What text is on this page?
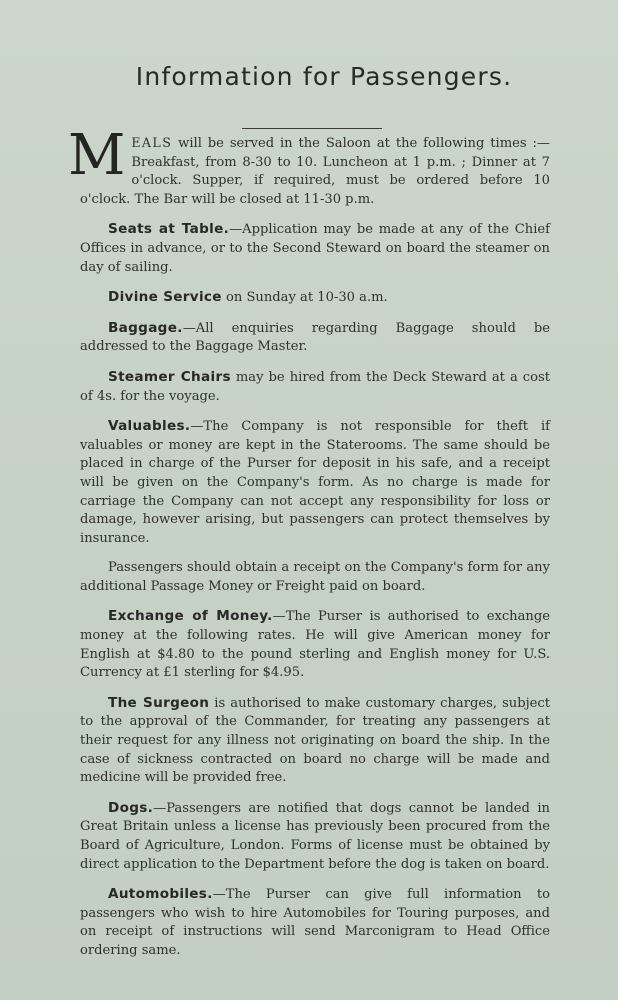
Information for Passengers.

MEALS will be served in the Saloon at the following times :— Breakfast, from 8-30 to 10. Luncheon at 1 p.m. ; Dinner at 7 o'clock. Supper, if required, must be ordered before 10 o'clock. The Bar will be closed at 11-30 p.m.

Seats at Table.—Application may be made at any of the Chief Offices in advance, or to the Second Steward on board the steamer on day of sailing.

Divine Service on Sunday at 10-30 a.m.

Baggage.—All enquiries regarding Baggage should be addressed to the Baggage Master.

Steamer Chairs may be hired from the Deck Steward at a cost of 4s. for the voyage.

Valuables.—The Company is not responsible for theft if valuables or money are kept in the Staterooms. The same should be placed in charge of the Purser for deposit in his safe, and a receipt will be given on the Company's form. As no charge is made for carriage the Company can not accept any responsibility for loss or damage, however arising, but passengers can protect themselves by insurance.

Passengers should obtain a receipt on the Company's form for any additional Passage Money or Freight paid on board.

Exchange of Money.—The Purser is authorised to exchange money at the following rates. He will give American money for English at $4.80 to the pound sterling and English money for U.S. Currency at £1 sterling for $4.95.

The Surgeon is authorised to make customary charges, subject to the approval of the Commander, for treating any passengers at their request for any illness not originating on board the ship. In the case of sickness contracted on board no charge will be made and medicine will be provided free.

Dogs.—Passengers are notified that dogs cannot be landed in Great Britain unless a license has previously been procured from the Board of Agriculture, London. Forms of license must be obtained by direct application to the Department before the dog is taken on board.

Automobiles.—The Purser can give full information to passengers who wish to hire Automobiles for Touring purposes, and on receipt of instructions will send Marconigram to Head Office ordering same.
